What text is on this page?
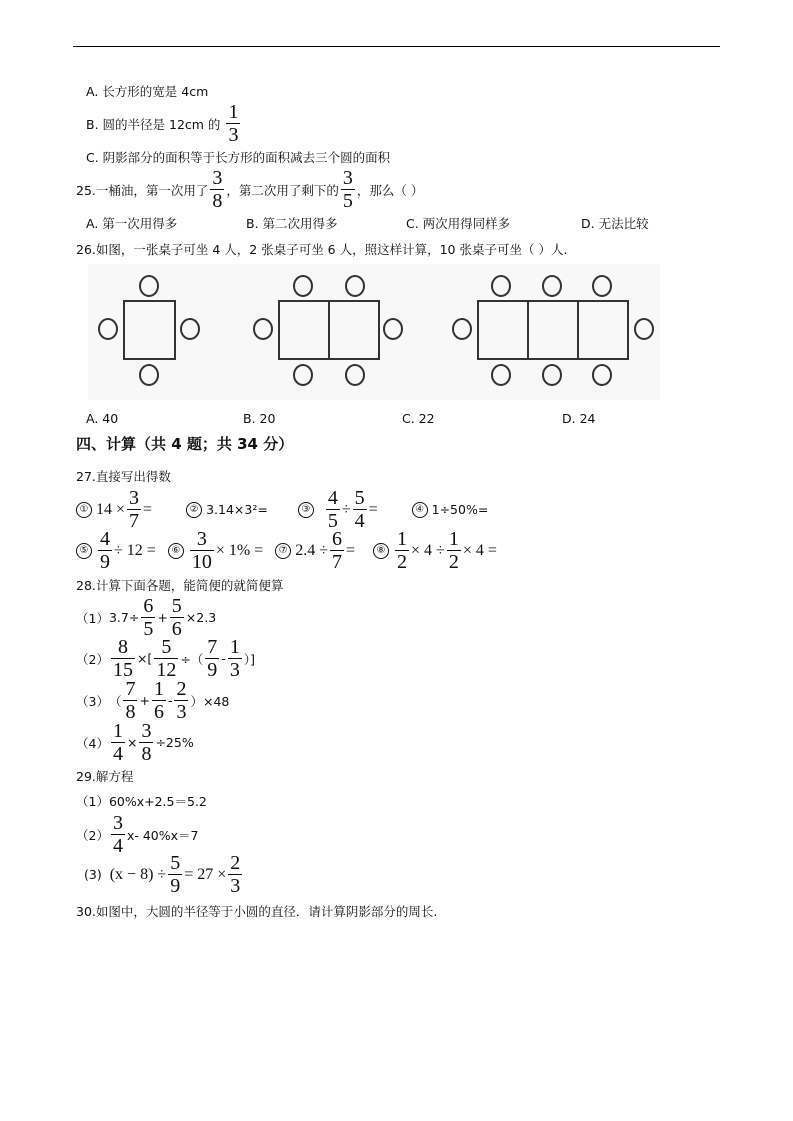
A. 长方形的宽是 4cm
B. 圆的半径是 12cm 的 $\frac{1}{3}$
C. 阴影部分的面积等于长方形的面积减去三个圆的面积
25.一桶油，第一次用了 $\frac{3}{8}$ ，第二次用了剩下的 $\frac{3}{5}$ ，那么（ ）
A. 第一次用得多	B. 第二次用得多	C. 两次用得同样多	D. 无法比较
26.如图，一张桌子可坐 4 人，2 张桌子可坐 6 人，照这样计算，10 张桌子可坐（ ）人.
A. 40	B. 20	C. 22	D. 24
四、计算（共 4 题；共 34 分）
27.直接写出得数
① $14 \times \frac{3}{7}$ =	② 3.14×3²=	③ $\frac{4}{5} \div \frac{5}{4}$ =	④ 1÷50%=
⑤ $\frac{4}{9} \div 12$ =	⑥ $\frac{3}{10} \times 1\%$ =	⑦ $2.4 \div \frac{6}{7}$ =	⑧ $\frac{1}{2} \times 4 \div \frac{1}{2} \times 4$ =
28.计算下面各题，能简便的就简便算
（1） $3.7\div \frac{6}{5} + \frac{5}{6} \times 2.3$
$(2) \frac{8}{15}$ ×[ $\frac{5}{12}$ ÷（ $\frac{7}{9} - \frac{1}{3}$ ）]
（3） （ $\frac{7}{8} + \frac{1}{6} - \frac{2}{3} )\times 48$
$(4) \frac{1}{4} \times \frac{3}{8} \div 25\%$
29.解方程
（1） 60%x+2.5＝5.2
$(2) \frac{3}{4} x-$ 40%x＝7
(3) $(x - 8) \div \frac{5}{9} = 27 \times \frac{2}{3}$
30.如图中，大圆的半径等于小圆的直径．请计算阴影部分的周长.
